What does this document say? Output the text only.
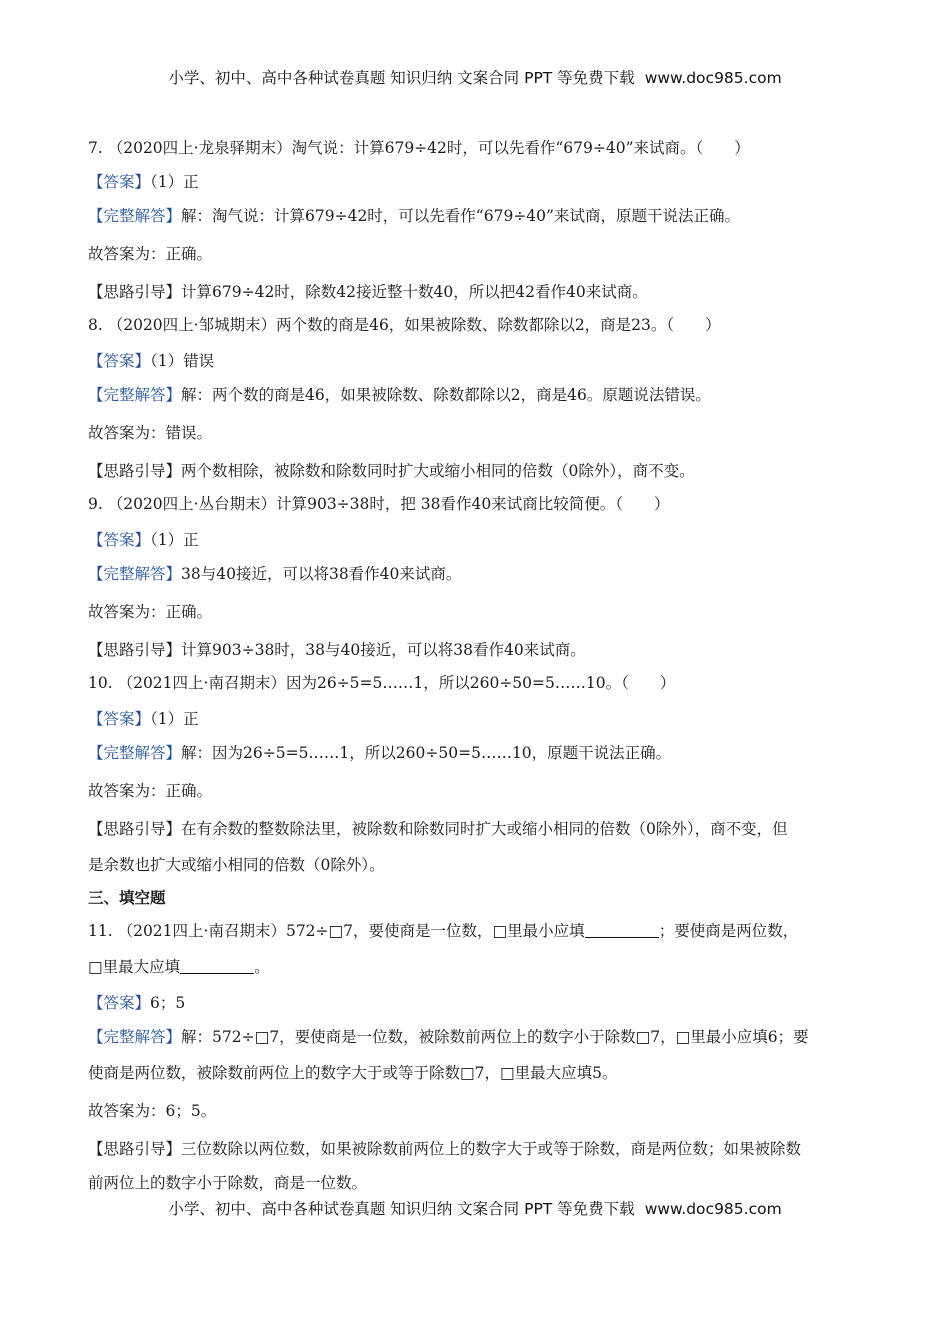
小学、初中、高中各种试卷真题 知识归纳 文案合同 PPT 等免费下载 www.doc985.com

7. （2020四上·龙泉驿期末）淘气说：计算679÷42时，可以先看作“679÷40”来试商。（　　）

【答案】（1）正

【完整解答】解：淘气说：计算679÷42时，可以先看作“679÷40”来试商，原题干说法正确。

故答案为：正确。

【思路引导】计算679÷42时，除数42接近整十数40，所以把42看作40来试商。

8. （2020四上·邹城期末）两个数的商是46，如果被除数、除数都除以2，商是23。（　　）

【答案】（1）错误

【完整解答】解：两个数的商是46，如果被除数、除数都除以2，商是46。原题说法错误。

故答案为：错误。

【思路引导】两个数相除，被除数和除数同时扩大或缩小相同的倍数（0除外），商不变。

9. （2020四上·丛台期末）计算903÷38时，把 38看作40来试商比较简便。（　　）

【答案】（1）正

【完整解答】38与40接近，可以将38看作40来试商。

故答案为：正确。

【思路引导】计算903÷38时，38与40接近，可以将38看作40来试商。

10. （2021四上·南召期末）因为26÷5=5……1，所以260÷50=5……10。（　　）

【答案】（1）正

【完整解答】解：因为26÷5=5……1，所以260÷50=5……10，原题干说法正确。

故答案为：正确。

【思路引导】在有余数的整数除法里，被除数和除数同时扩大或缩小相同的倍数（0除外），商不变，但

是余数也扩大或缩小相同的倍数（0除外）。

三、填空题

11. （2021四上·南召期末）572÷□7，要使商是一位数，□里最小应填	；要使商是两位数，

□里最大应填	。

【答案】6；5

【完整解答】解：572÷□7，要使商是一位数，被除数前两位上的数字小于除数□7，□里最小应填6；要

使商是两位数，被除数前两位上的数字大于或等于除数□7，□里最大应填5。

故答案为：6；5。

【思路引导】三位数除以两位数，如果被除数前两位上的数字大于或等于除数，商是两位数；如果被除数

前两位上的数字小于除数，商是一位数。

小学、初中、高中各种试卷真题 知识归纳 文案合同 PPT 等免费下载 www.doc985.com
